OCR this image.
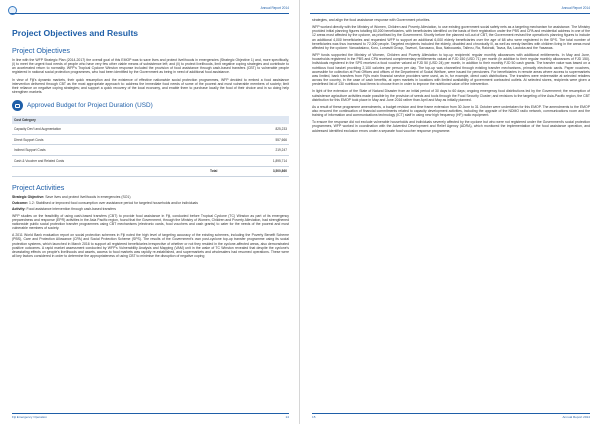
Annual Report 2014
Project Objectives and Results
Project Objectives

In line with the WFP Strategic Plan (2014-2017) the overall goal of this EMOP was to save lives and protect livelihoods in emergencies (Strategic Objective 1) and, more specifically, (i) to meet the urgent food needs of people who have very few other viable means of subsistence left; and (ii) to protect livelihoods, limit negative coping strategies and contribute to an accelerated return to normality. WFP's Tropical Cyclone Winston response included the provision of food assistance through cash-based transfers (CBT) to vulnerable people registered in national social protection programmes, who had been identified by the Government as being in need of additional food assistance.

In view of Fiji's dynamic markets, their quick resumption and the existence of effective nationwide social protection programmes, WFP decided to embed a food assistance intervention delivered through CBT as the most appropriate approach to: address the immediate food needs of some of the poorest and most vulnerable members of society; limit their reliance on negative coping strategies; and support a quick recovery of the local economy, and enable them to purchase locally the food of their choice and in so doing help strengthen markets.

Approved Budget for Project Duration (USD)
Cost Category	
Capacity Dev't and Augmentation	825,233
Direct Support Costs	557,666
Indirect Support Costs	219,247
Cash & Voucher and Related Costs	1,895,714
Total	3,500,860
Project Activities

Strategic Objective: Save lives and protect livelihoods in emergencies (SO1)

Outcome: 1.2: Stabilised or improved food consumption over assistance period for targeted households and/or individuals

Activity: Food assistance intervention through cash-based transfers

WFP studies on the feasibility of using cash-based transfers (CBT) to provide food assistance in Fiji, conducted before Tropical Cyclone (TC) Winston as part of its emergency preparedness and response (EPR) activities in the Asia Pacific region, found that the Government, through the Ministry of Women, Children and Poverty Alleviation, had strengthened nationwide public social protection transfer programmes using CBT mechanisms (electronic cards, food vouchers and cash grants) to cater for the needs of the poorest and most vulnerable members of society.

A 2011 World Bank evaluation report on social protection schemes in Fiji noted the high level of targeting accuracy of the existing schemes, including the Poverty Benefit Scheme (PBS), Care and Protection Allowance (CPA) and Social Protection Scheme (SPS). The results of the Government's own post-cyclone top-up transfer programme using its social protection systems, which launched in March 2016 to support all registered beneficiaries irrespective of whether or not they resided in the cyclone-affected areas, also demonstrated positive outcomes. A rapid market assessment conducted by WFP's Vulnerability Analysis and Mapping (VAM) unit in the wake of TC Winston revealed that despite the cyclone's devastating effects on people's livelihoods and assets, access to food markets was rapidly re-established, and supermarkets and wholesalers had resumed operations. These were all key factors considered in order to determine the appropriateness of using CBT to minimise the disruption of negative coping

Fiji Emergency Operation	14
Annual Report 2014

strategies, and align the food assistance response with Government priorities.

WFP worked directly with the Ministry of Women, Children and Poverty Alleviation, to use existing government social safety nets as a targeting mechanism for assistance. The Ministry provided initial planning figures totalling 60,000 beneficiaries, with beneficiaries identified on the basis of their registration under the PBS and CPA and residential address in one of the 12 areas most affected by the cyclone, as prioritised by the Government. Shortly before the planned roll-out of CBT, the Government revised the operation's planning figures to include an additional 4,000 beneficiaries and requested WFP to support an additional 6,000 elderly beneficiaries over the age of 68 who were registered in the SPS. The total number of beneficiaries was thus increased to 72,000 people. Targeted recipients included the elderly, disabled and chronically ill, as well as needy families with children living in the areas most affected by the cyclone: Vanuabalavu, Koro, Lomaviti Group, Taveuni, Savusavu, Bua, Nabouwalu, Tailevu, Ra, Rakiraki, Tavua, Ba, Lautoka and the Yasawas.

WFP funds supported the Ministry of Women, Children and Poverty Alleviation to top-up recipients' regular monthly allowances with additional entitlements. In May and June, households registered in the PBS and CPA received complementary entitlements valued at FJD 150 (USD 71) per month (in addition to their regular monthly allowances of FJD 150). Individuals registered in the SPS received a food voucher valued at FJD 50 (USD 24) per month, in addition to their monthly FJD 50 cash grants. The transfer value was based on a nutritious food basket providing 2,100 calories per person per day. The top-up was channelled through existing transfer mechanisms, primarily electronic cards. Paper vouchers, accessible for collection at Post Offices and offices of the Department of Social Welfare, were issued for pensioners. For beneficiaries in remote areas where access to supermarkets was limited, bank transfers from Fiji's main financial service providers were used, as in, for example, direct cash distributions. The transfers were redeemable at selected retailers across the country, in the case of cash benefits, at open markets in locations with limited availability of government contracted outlets. At selected stores, recipients were given a predefined list of 130 nutritious food items to choose from in order to improve the nutritional value of the intervention.

In light of the extension of the State of Natural Disaster from an initial period of 30 days to 60 days; ongoing emergency food distributions led by the Government; the resumption of subsistence agriculture activities made possible by the provision of seeds and tools through the Food Security Cluster; and revisions to the targeting of the Asia-Pacific region, the CBT distribution for this EMOP took place in May and June 2016 rather than April and May as initially planned.

As a result of these programme amendments, a budget revision and time frame extension from 30 June to 31 October were undertaken for this EMOP. The amendments to the EMOP also ensured the continuation of financial commitments related to capacity development activities, including the upgrade of the NDMO radio network, communications room and the training of information and communications technology (ICT) staff in using new high frequency (HF) radio equipment.

To ensure the response did not exclude vulnerable households and individuals severely affected by the cyclone but who were not registered under the Government's social protection programmes, WFP worked in coordination with the Adventist Development and Relief Agency (ADRA), which monitored the implementation of the food assistance operation, and addressed identified exclusion errors under a separate food voucher response programme.

15	Annual Report 2014
